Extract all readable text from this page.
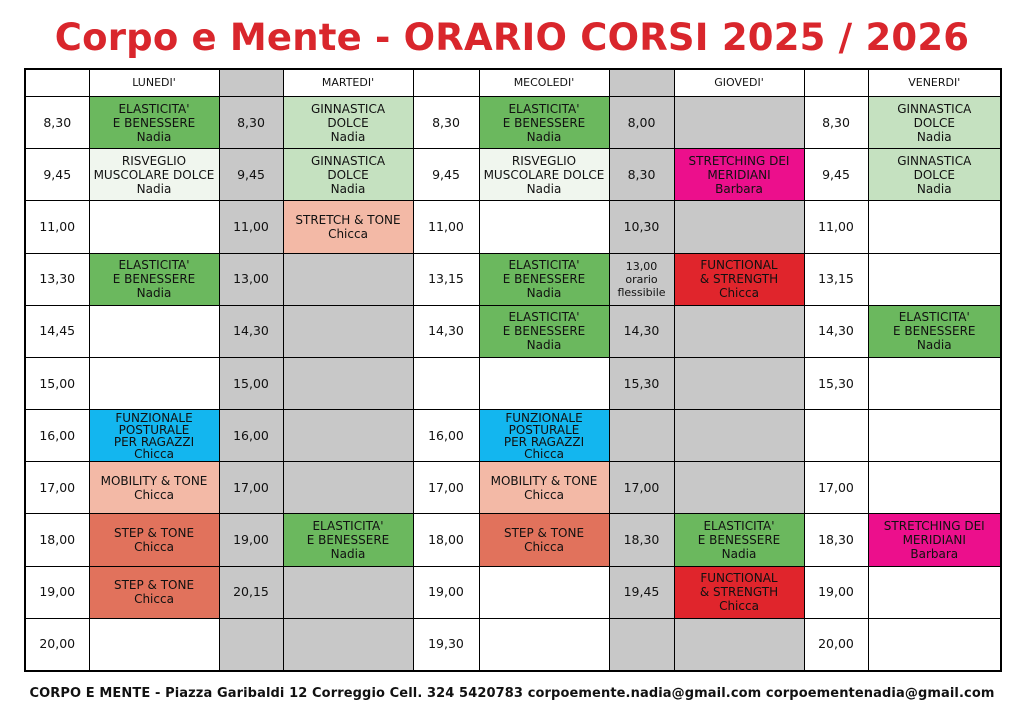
Corpo e Mente - ORARIO CORSI 2025 / 2026
	LUNEDI'		MARTEDI'		MECOLEDI'		GIOVEDI'		VENERDI'

8,30	ELASTICITA'
E BENESSERE
Nadia	8,30	GINNASTICA
DOLCE
Nadia	8,30	ELASTICITA'
E BENESSERE
Nadia	8,00		8,30	GINNASTICA
DOLCE
Nadia

9,45	RISVEGLIO
MUSCOLARE DOLCE
Nadia	9,45	GINNASTICA
DOLCE
Nadia	9,45	RISVEGLIO
MUSCOLARE DOLCE
Nadia	8,30	STRETCHING DEI
MERIDIANI
Barbara	9,45	GINNASTICA
DOLCE
Nadia

11,00		11,00	STRETCH & TONE
Chicca	11,00		10,30		11,00	

13,30	ELASTICITA'
E BENESSERE
Nadia	13,00		13,15	ELASTICITA'
E BENESSERE
Nadia	13,00
orario
flessibile	FUNCTIONAL
& STRENGTH
Chicca	13,15	

14,45		14,30		14,30	ELASTICITA'
E BENESSERE
Nadia	14,30		14,30	ELASTICITA'
E BENESSERE
Nadia

15,00		15,00				15,30		15,30	

16,00	FUNZIONALE
POSTURALE
PER RAGAZZI
Chicca	16,00		16,00	FUNZIONALE
POSTURALE
PER RAGAZZI
Chicca				

17,00	MOBILITY & TONE
Chicca	17,00		17,00	MOBILITY & TONE
Chicca	17,00		17,00	

18,00	STEP & TONE
Chicca	19,00	ELASTICITA'
E BENESSERE
Nadia	18,00	STEP & TONE
Chicca	18,30	ELASTICITA'
E BENESSERE
Nadia	18,30	STRETCHING DEI
MERIDIANI
Barbara

19,00	STEP & TONE
Chicca	20,15		19,00		19,45	FUNCTIONAL
& STRENGTH
Chicca	19,00	

20,00				19,30				20,00	

CORPO E MENTE - Piazza Garibaldi 12 Correggio Cell. 324 5420783 corpoemente.nadia@gmail.com corpoementenadia@gmail.com
